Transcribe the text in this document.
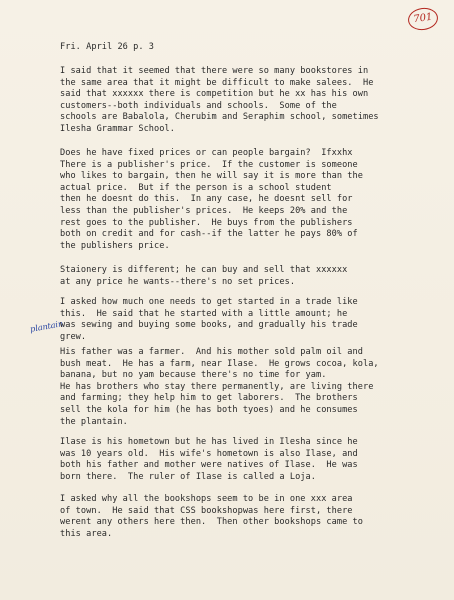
701
plantain

Fri. April 26 p. 3

I said that it seemed that there were so many bookstores in

the same area that it might be difficult to make salees.  He

said that xxxxxx there is competition but he xx has his own

customers--both individuals and schools.  Some of the

schools are Babalola, Cherubim and Seraphim school, sometimes

Ilesha Grammar School.

Does he have fixed prices or can people bargain?  Ifxxhx

There is a publisher's price.  If the customer is someone

who likes to bargain, then he will say it is more than the

actual price.  But if the person is a school student

then he doesnt do this.  In any case, he doesnt sell for

less than the publisher's prices.  He keeps 20% and the

rest goes to the publisher.  He buys from the publishers

both on credit and for cash--if the latter he pays 80% of

the publishers price.

Staionery is different; he can buy and sell that xxxxxx

at any price he wants--there's no set prices.

I asked how much one needs to get started in a trade like

this.  He said that he started with a little amount; he

was sewing and buying some books, and gradually his trade

grew.

His father was a farmer.  And his mother sold palm oil and

bush meat.  He has a farm, near Ilase.  He grows cocoa, kola,

banana, but no yam because there's no time for yam.

He has brothers who stay there permanently, are living there

and farming; they help him to get laborers.  The brothers

sell the kola for him (he has both tyoes) and he consumes

the plantain.

Ilase is his hometown but he has lived in Ilesha since he

was 10 years old.  His wife's hometown is also Ilase, and

both his father and mother were natives of Ilase.  He was

born there.  The ruler of Ilase is called a Loja.

I asked why all the bookshops seem to be in one xxx area

of town.  He said that CSS bookshopwas here first, there

werent any others here then.  Then other bookshops came to

this area.
